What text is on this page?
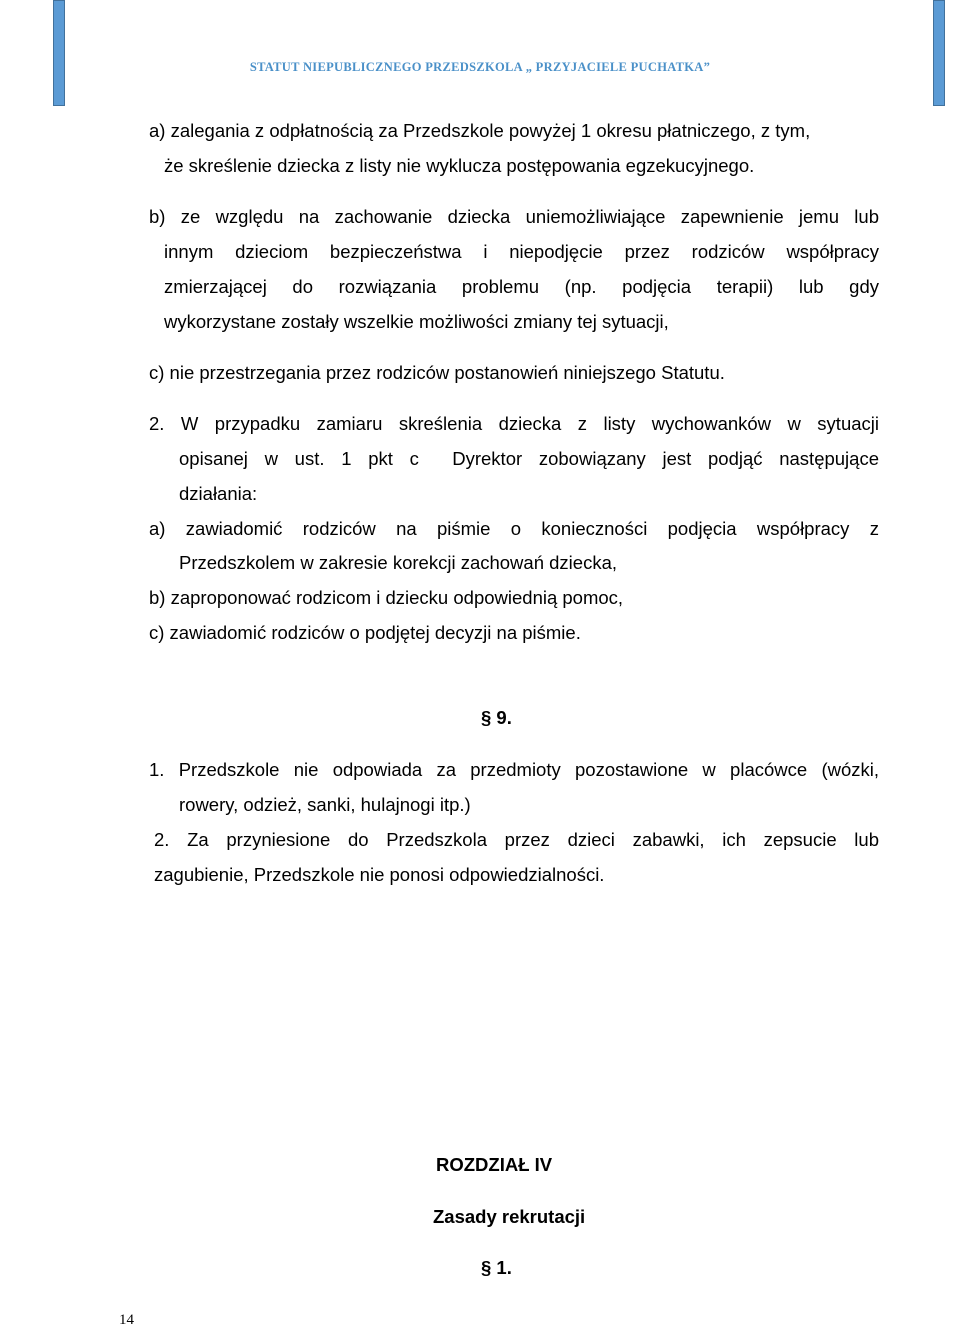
STATUT NIEPUBLICZNEGO PRZEDSZKOLA „ PRZYJACIELE PUCHATKA”
a) zalegania z odpłatnością za Przedszkole powyżej 1 okresu płatniczego, z tym,
że skreślenie dziecka z listy nie wyklucza postępowania egzekucyjnego.
b) ze względu na zachowanie dziecka uniemożliwiające zapewnienie jemu lub
innym dzieciom bezpieczeństwa i niepodjęcie przez rodziców współpracy
zmierzającej do rozwiązania problemu (np. podjęcia terapii) lub gdy
wykorzystane zostały wszelkie możliwości zmiany tej sytuacji,
c) nie przestrzegania przez rodziców postanowień niniejszego Statutu.
2. W przypadku zamiaru skreślenia dziecka z listy wychowanków w sytuacji
opisanej w ust. 1 pkt c  Dyrektor zobowiązany jest podjąć następujące
działania:
a) zawiadomić rodziców na piśmie o konieczności podjęcia współpracy z
Przedszkolem w zakresie korekcji zachowań dziecka,
b) zaproponować rodzicom i dziecku odpowiednią pomoc,
c) zawiadomić rodziców o podjętej decyzji na piśmie.
§ 9.
1. Przedszkole nie odpowiada za przedmioty pozostawione w placówce (wózki,
rowery, odzież, sanki, hulajnogi itp.)
2. Za przyniesione do Przedszkola przez dzieci zabawki, ich zepsucie lub
zagubienie, Przedszkole nie ponosi odpowiedzialności.
ROZDZIAŁ IV
Zasady rekrutacji
§ 1.
14
